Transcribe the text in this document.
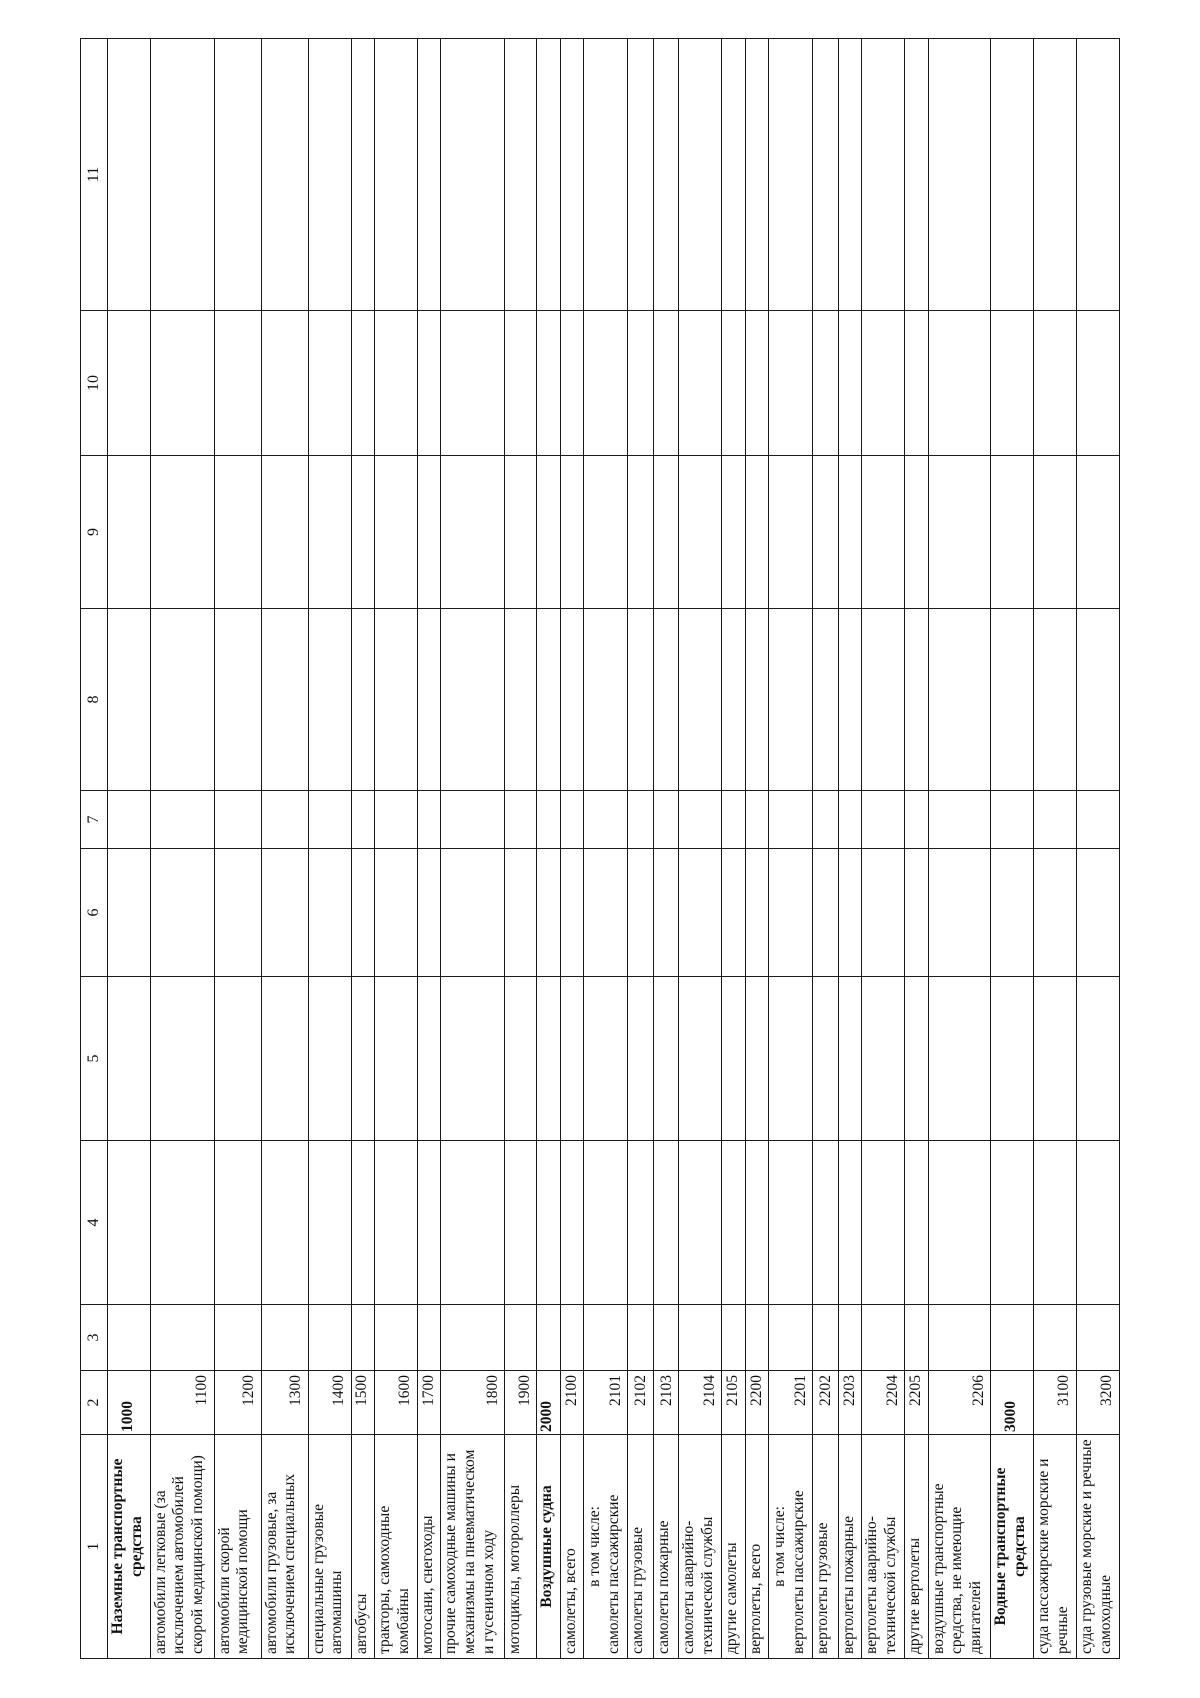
1	2	3	4	5	6	7	8	9	10	11
Наземные транспортные средства	1000									
автомобили легковые (за исключением автомобилей скорой медицинской помощи)	1100									
автомобили скорой медицинской помощи	1200									
автомобили грузовые, за исключением специальных	1300									
специальные грузовые автомашины	1400									
автобусы	1500									
тракторы, самоходные комбайны	1600									
мотосани, снегоходы	1700									
прочие самоходные машины и механизмы на пневматическом и гусеничном ходу	1800									
мотоциклы, мотороллеры	1900									
Воздушные судна	2000									
самолеты, всего	2100									

в том числе: самолеты пассажирские	2101									
самолеты грузовые	2102									
самолеты пожарные	2103									
самолеты аварийно-технической службы	2104									
другие самолеты	2105									
вертолеты, всего	2200									

в том числе: вертолеты пассажирские	2201									
вертолеты грузовые	2202									
вертолеты пожарные	2203									
вертолеты аварийно-технической службы	2204									
другие вертолеты	2205									
воздушные транспортные средства, не имеющие двигателей	2206									
Водные транспортные средства	3000									
суда пассажирские морские и речные	3100									
суда грузовые морские и речные самоходные	3200									
